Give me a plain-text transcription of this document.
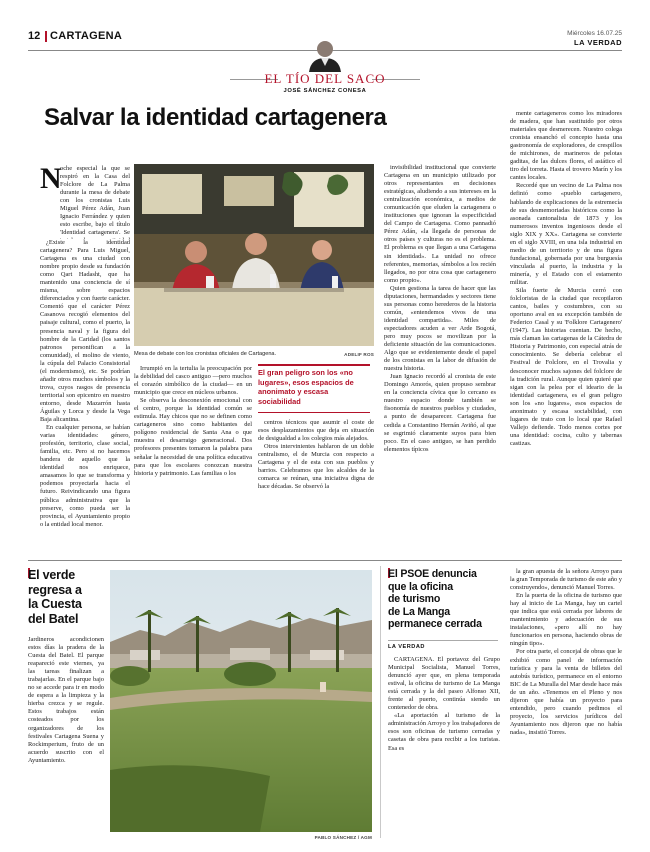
12 CARTAGENA	Miércoles 16.07.25
LA VERDAD
EL TÍO DEL SACO
JOSÉ SÁNCHEZ CONESA
Salvar la identidad cartagenera
N
oche especial la que se respiró en la Casa del Folclore de La Palma durante la mesa de debate con los cronistas Luis Miguel Pérez Adán, Juan Ignacio Ferrández y quien esto escribe, bajo el título 'Identidad cartagenera'. Se

¿Existe la identidad cartagenera? Para Luis Miguel, Cartagena es una ciudad con nombre propio desde su fundación como Qart Hadasht, que ha mantenido una conciencia de sí misma, sobre espacios diferenciados y con fuerte carácter. Comentó que el carácter Pérez Casanova recogió elementos del paisaje cultural, como el puerto, la presencia naval y la figura del hombre de la Caridad (los santos patronos personifican a la comunidad), el molino de viento, la cúpula del Palacio Consistorial (el modernismo), etc. Se podrían añadir otros muchos símbolos y la trova, cuyos rasgos de presencia territorial son epicentro en nuestro entorno, desde Mazarrón hasta Águilas y Lorca y desde la Vega Baja alicantina.

En cualquier persona, se habían varias identidades: género, profesión, territorio, clase social, familia, etc. Pero si no hacemos bandera de aquello que la identidad nos enriquece, amasamos lo que se transforma y podemos proyectarla hacia el futuro. Reivindicando una figura pública administrativa que la preserve, como pueda ser la provincia, el Ayuntamiento propio o la entidad local menor.

Mesa de debate con los cronistas oficiales de Cartagena.	ADELIF ROS

Irrumpió en la tertulia la preocupación por la debilidad del casco antiguo —pero muchos el corazón simbólico de la ciudad— en un municipio que crece en núcleos urbanos.

Se observa la desconexión emocional con el centro, porque la identidad común se estimula. Hay chicos que no se definen como cartageneros sino como habitantes del polígono residencial de Santa Ana o que muestra el desarraigo generacional. Dos profesores presentes tomaron la palabra para señalar la necesidad de una política educativa para que los escolares conozcan nuestra historia y patrimonio. Las familias o los

El gran peligro son los «no lugares», esos espacios de anonimato y escasa sociabilidad

centros técnicos que asumir el coste de esos desplazamientos que deja en situación de desigualdad a los colegios más alejados.

Otros intervinientes hablaron de un doble centralismo, el de Murcia con respecto a Cartagena y el de esta con sus pueblos y barrios. Celebramos que los alcaldes de la comarca se reúnan, una iniciativa digna de hace décadas. Se observó la

invisibilidad institucional que convierte Cartagena en un municipio utilizado por otros representantes en decisiones estratégicas, aludiendo a sus intereses en la centralización económica, a medios de comunicación que eluden la cartagenera o instituciones que ignoran la especificidad del Campo de Cartagena. Como pannadió Pérez Adán, «la llegada de personas de otros países y culturas no es el problema. El problema es que llegan a una Cartagena sin identidad». La unidad no ofrece referentes, memorias, símbolos a los recién llegados, no por otra cosa que cartagenero como propio».

Quien gestiona la tarea de hacer que las diputaciones, hermandades y sectores tiene sus personas como herederos de la historia común, «entendemos vivos de una identidad compartida». Miles de espectadores acuden a ver Arde Bogotá, pero muy pocos se movilizan por la deficiente situación de las comunicaciones. Algo que se evidentemente desde el papel de los cronistas en la labor de difusión de nuestra historia.

Juan Ignacio recordó al cronista de este Domingo Amorós, quien propuso sembrar en la conciencia cívica que lo cercano es nuestro espacio donde también se fisonomía de nuestros pueblos y ciudades, a punto de desaparecer. Cartagena fue cedida a Constantino Hernán Aviñó, al que se esgrimió claramente suyos para bien poco. En el caso antiguo, se han perdido elementos típicos

mente cartageneros como los miradores de madera, que han sustituido por otros materiales que desmerecen. Nuestro colega cronista ensanchó el concepto hasta una gastronomía de exploradores, de crespillos de michirones, de marineros de pelotas gaditas, de las dulces flores, el asiático el tiro del torreta. Hasta el trovero Marín y los cantes locales.

Recordé que un vecino de La Palma nos definió como «pueblo cartagenero, hablando de explicaciones de la estremecía de sus desmemoriadas históricos como la asonada cantonalista de 1873 y los numerosos inventos ingeniosos desde el siglo XIX y XX». Cartagena se convierte en el siglo XVIII, en una isla industrial en medio de un territorio y de una figura fundacional, gobernada por una burguesía vinculada al puerto, la industria y la minería, y el Estado con el estamento militar.

Sila fuerte de Murcia cerró con folcloristas de la ciudad que recopilaron cantos, bailes y costumbres, con su oportuno aval en su excepción también de Federico Casal y su 'Folklore Cartagenero' (1947). Las historias cuentan. De hecho, más claman las cartagenas de la Cátedra de Historia y Patrimonio, con especial atrás de conocimiento. Se debería celebrar el Festival de Folclore, en el Trovalia y desconocer muchos sajones del folclore de la tradición rural. Aunque quien quieré que sigan con la pelea por el ideario de la identidad cartagenera, es el gran peligro son los «no lugares», esos espacios de anonimato y escasa sociabilidad, con lugares de trato con lo local que Rafael Vallejo defiende. Todo menos cortes por una identidad: cocina, culto y tabernas castizas.

El verde
regresa a
la Cuesta
del Batel
Jardineros acondicionen estos días la pradera de la Cuesta del Batel. El parque reapareció este viernes, ya las tareas finalizan a trabajarlas. En el parque bajo no se accede para ir en modo de espera a la limpieza y la hierba crezca y se regule. Estos trabajos están costeados por los organizadores de los festivales Cartagena Suena y Rockimperium, fruto de un acuerdo suscrito con el Ayuntamiento.
PABLO SÁNCHEZ / AGM
El PSOE denuncia
que la oficina
de turismo
de La Manga
permanece cerrada
LA VERDAD

CARTAGENA. El portavoz del Grupo Municipal Socialista, Manuel Torres, denunció ayer que, en plena temporada estival, la oficina de turismo de La Manga está cerrada y la del paseo Alfonso XII, frente al puerto, continúa siendo un contenedor de obra.

«La aportación al turismo de la administración Arroyo y los trabajadores de esos son oficinas de turismo cerradas y casetas de obra para recibir a los turistas. Esa es

la gran apuesta de la señora Arroyo para la gran Temporada de turismo de este año y construyendo», denunció Manuel Torres.

En la puerta de la oficina de turismo que hay al inicio de La Manga, hay un cartel que indica que está cerrada por labores de mantenimiento y adecuación de sus instalaciones, «pero allí no hay funcionarios en persona, haciendo obras de ningún tipo».

Por otra parte, el concejal de obras que le exhibió como panel de información turística y para la venta de billetes del autobús turístico, permanece en el entorno BIC de La Muralla del Mar desde hace más de un año. «Tenemos en el Pleno y nos dijeron que había un proyecto para entendido, pero cuando pedimos el proyecto, los servicios jurídicos del Ayuntamiento nos dijeron que no había nada», insistió Torres.
